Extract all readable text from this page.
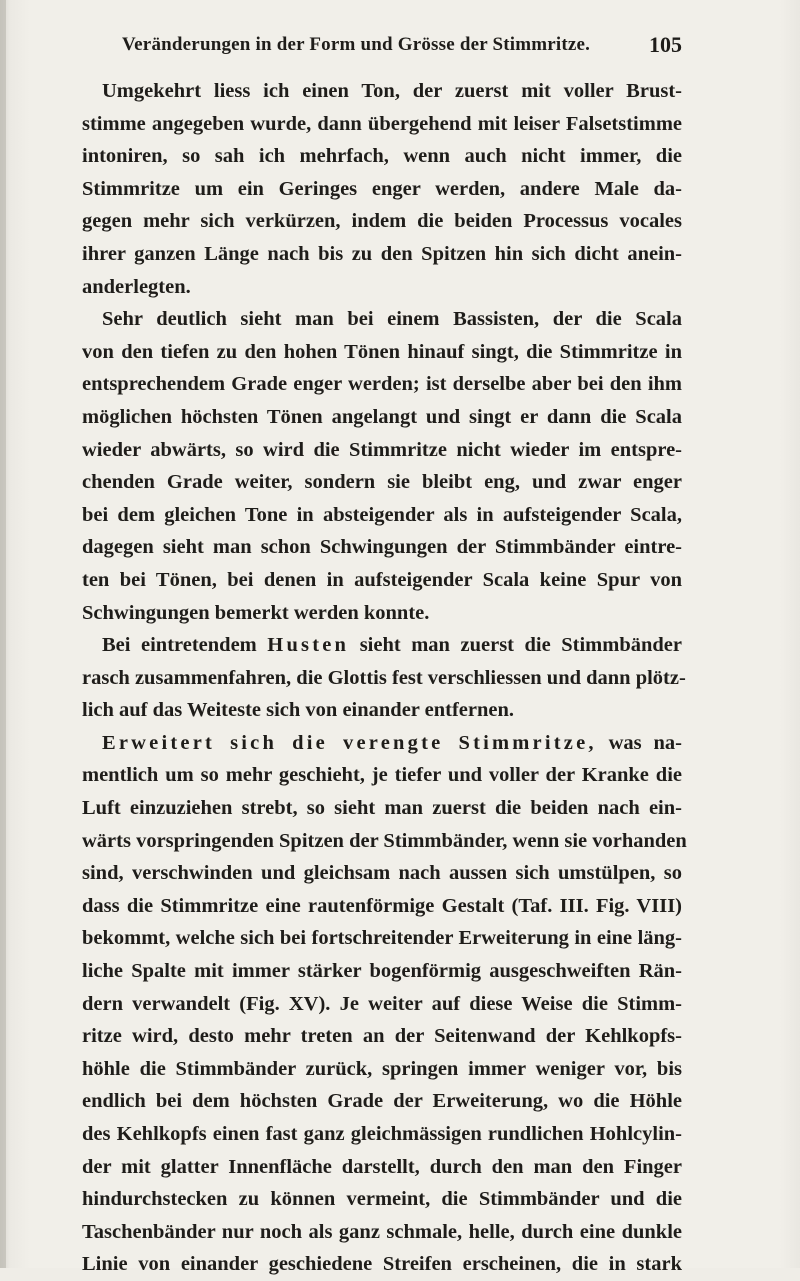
Veränderungen in der Form und Grösse der Stimmritze.	105
Umgekehrt liess ich einen Ton, der zuerst mit voller Brust-
stimme angegeben wurde, dann übergehend mit leiser Falsetstimme
intoniren, so sah ich mehrfach, wenn auch nicht immer, die
Stimmritze um ein Geringes enger werden, andere Male da-
gegen mehr sich verkürzen, indem die beiden Processus vocales
ihrer ganzen Länge nach bis zu den Spitzen hin sich dicht anein-
anderlegten.
Sehr deutlich sieht man bei einem Bassisten, der die Scala
von den tiefen zu den hohen Tönen hinauf singt, die Stimmritze in
entsprechendem Grade enger werden; ist derselbe aber bei den ihm
möglichen höchsten Tönen angelangt und singt er dann die Scala
wieder abwärts, so wird die Stimmritze nicht wieder im entspre-
chenden Grade weiter, sondern sie bleibt eng, und zwar enger
bei dem gleichen Tone in absteigender als in aufsteigender Scala,
dagegen sieht man schon Schwingungen der Stimmbänder eintre-
ten bei Tönen, bei denen in aufsteigender Scala keine Spur von
Schwingungen bemerkt werden konnte.
Bei eintretendem Husten sieht man zuerst die Stimmbänder
rasch zusammenfahren, die Glottis fest verschliessen und dann plötz-
lich auf das Weiteste sich von einander entfernen.
Erweitert sich die verengte Stimmritze, was na-
mentlich um so mehr geschieht, je tiefer und voller der Kranke die
Luft einzuziehen strebt, so sieht man zuerst die beiden nach ein-
wärts vorspringenden Spitzen der Stimmbänder, wenn sie vorhanden
sind, verschwinden und gleichsam nach aussen sich umstülpen, so
dass die Stimmritze eine rautenförmige Gestalt (Taf. III. Fig. VIII)
bekommt, welche sich bei fortschreitender Erweiterung in eine läng-
liche Spalte mit immer stärker bogenförmig ausgeschweiften Rän-
dern verwandelt (Fig. XV). Je weiter auf diese Weise die Stimm-
ritze wird, desto mehr treten an der Seitenwand der Kehlkopfs-
höhle die Stimmbänder zurück, springen immer weniger vor, bis
endlich bei dem höchsten Grade der Erweiterung, wo die Höhle
des Kehlkopfs einen fast ganz gleichmässigen rundlichen Hohlcylin-
der mit glatter Innenfläche darstellt, durch den man den Finger
hindurchstecken zu können vermeint, die Stimmbänder und die
Taschenbänder nur noch als ganz schmale, helle, durch eine dunkle
Linie von einander geschiedene Streifen erscheinen, die in stark
